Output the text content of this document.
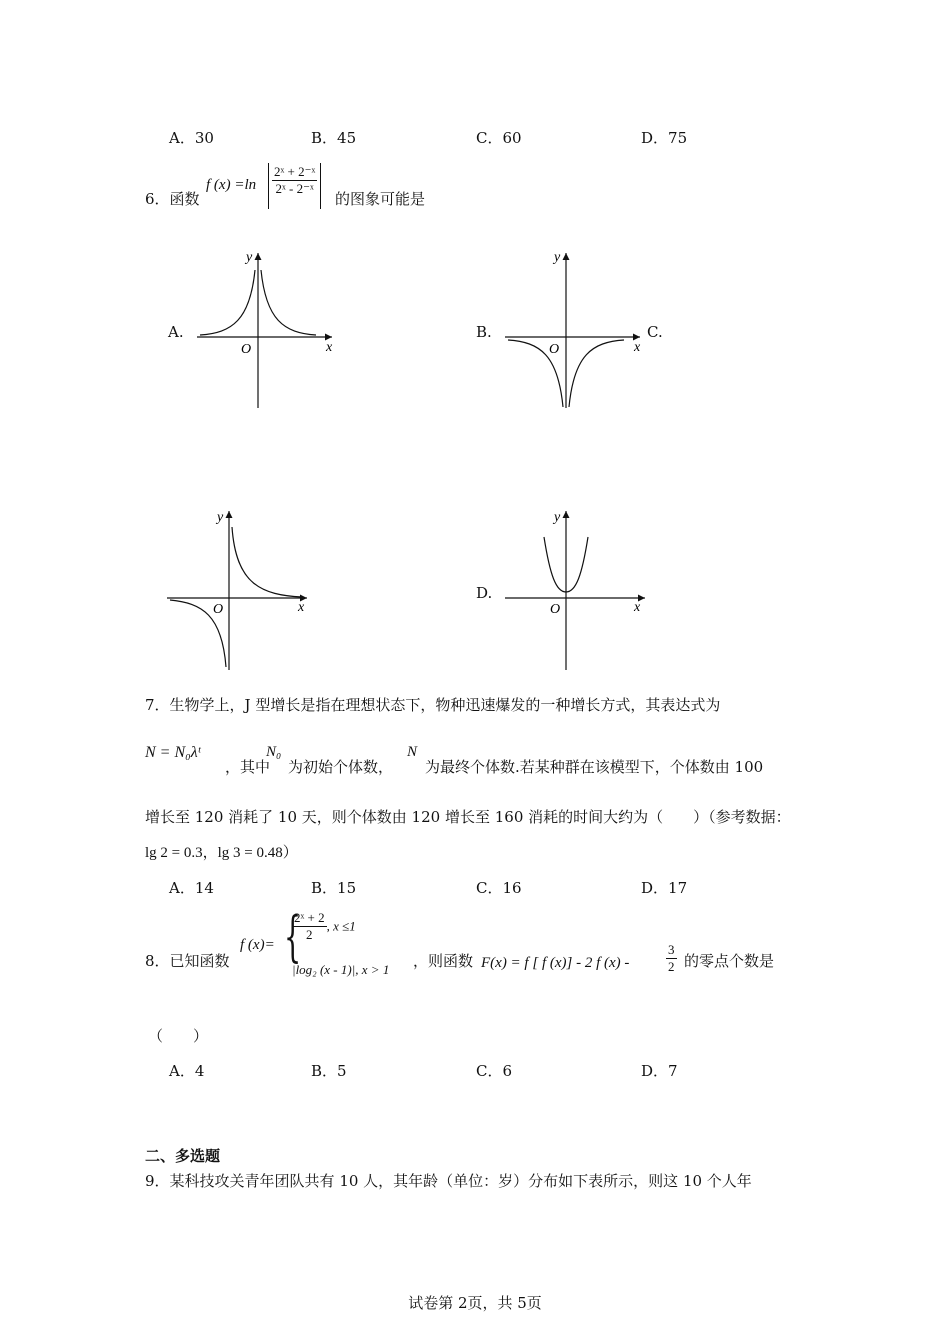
A．30	B．45	C．60	D．75
6．函数
f $(x) =\ln \frac{\text{2ˣ + 2⁻ˣ}}{\text{2ˣ - 2⁻ˣ}}$
的图象可能是
A.
y
x
O
B.
y
x
O
C.
y
x
O
D.
y
x
O
7．生物学上，J 型增长是指在理想状态下，物种迅速爆发的一种增长方式，其表达式为
N = N₀λᵗ
，其中
N₀
为初始个体数，
N
为最终个体数.若某种群在该模型下，个体数由 100
增长至 120 消耗了 10 天，则个体数由 120 增长至 160 消耗的时间大约为（　　）（参考数据：
lg 2 = 0.3，lg 3 = 0.48）
A．14	B．15	C．16	D．17
8．已知函数
f (x)= {
$\frac{\text{2ˣ + 2}}{2}$ , x ≤1
|log₂ (x - 1)|, x > 1 ，则函数 F(x) = f [ f (x)] - 2 f (x) -	$\frac{3}{2}$ 的零点个数是
（　　）
A．4	B．5	C．6	D．7
二、多选题
9．某科技攻关青年团队共有 10 人，其年龄（单位：岁）分布如下表所示，则这 10 个人年
试卷第 2页，共 5页
